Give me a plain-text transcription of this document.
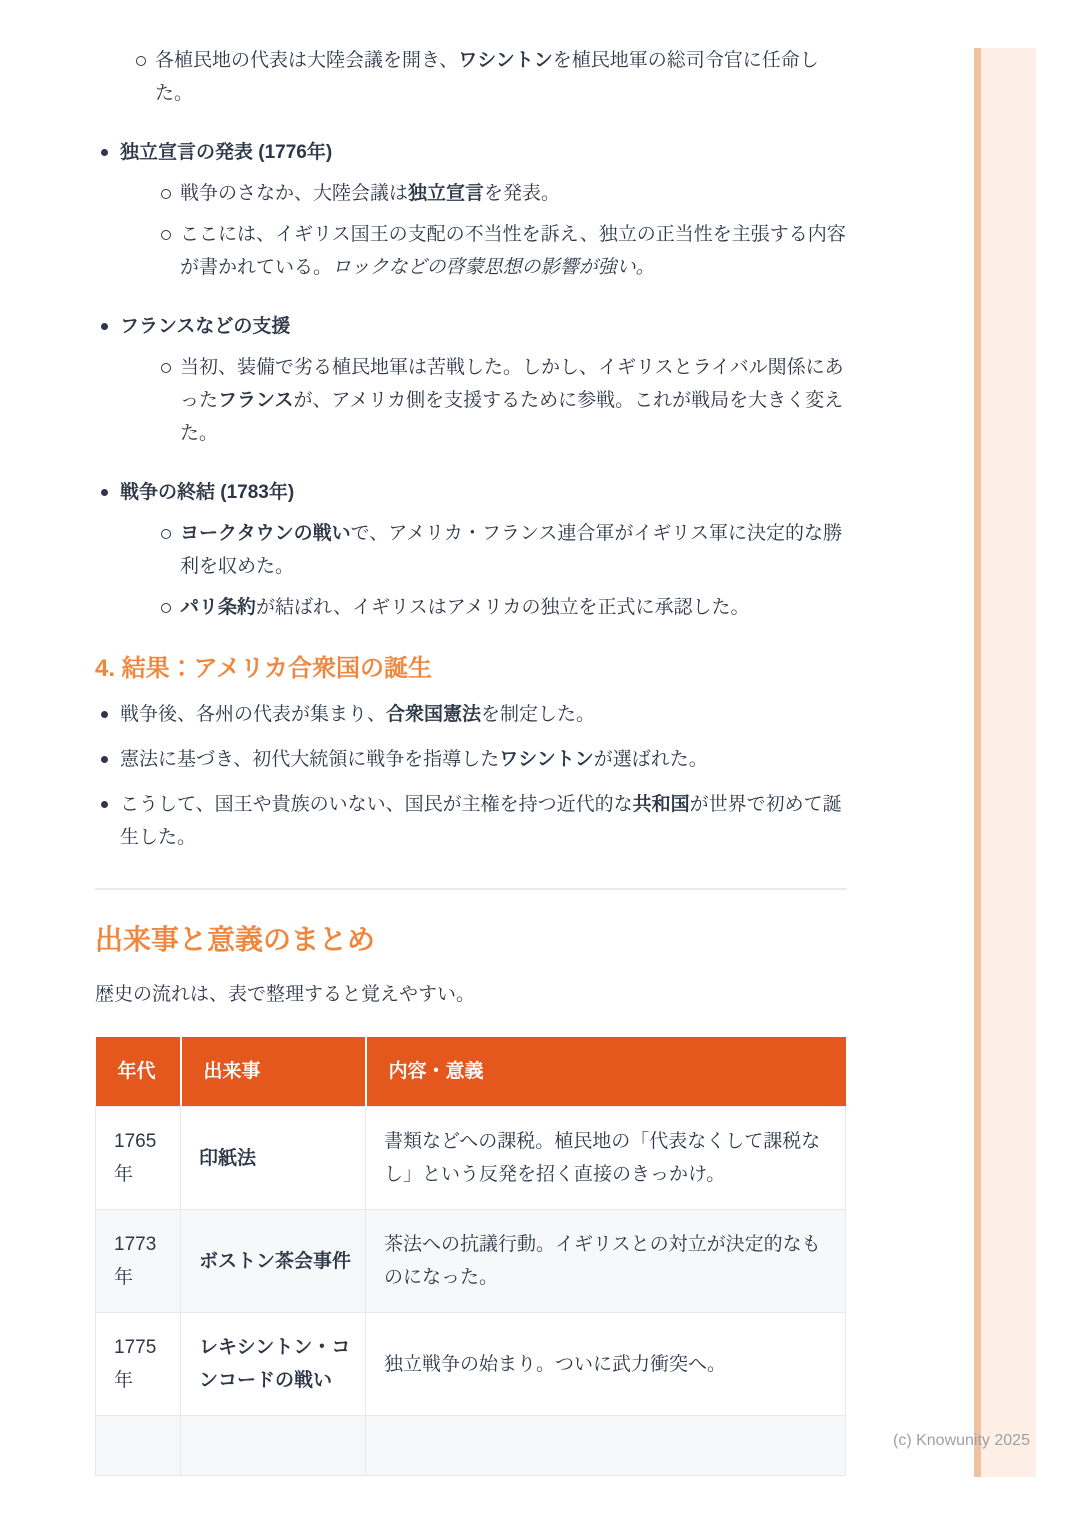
各植民地の代表は大陸会議を開き、ワシントンを植民地軍の総司令官に任命した。
独立宣言の発表 (1776年)
戦争のさなか、大陸会議は独立宣言を発表。
ここには、イギリス国王の支配の不当性を訴え、独立の正当性を主張する内容が書かれている。ロックなどの啓蒙思想の影響が強い。
フランスなどの支援
当初、装備で劣る植民地軍は苦戦した。しかし、イギリスとライバル関係にあったフランスが、アメリカ側を支援するために参戦。これが戦局を大きく変えた。
戦争の終結 (1783年)
ヨークタウンの戦いで、アメリカ・フランス連合軍がイギリス軍に決定的な勝利を収めた。
パリ条約が結ばれ、イギリスはアメリカの独立を正式に承認した。
4. 結果：アメリカ合衆国の誕生
戦争後、各州の代表が集まり、合衆国憲法を制定した。
憲法に基づき、初代大統領に戦争を指導したワシントンが選ばれた。
こうして、国王や貴族のいない、国民が主権を持つ近代的な共和国が世界で初めて誕生した。
出来事と意義のまとめ

歴史の流れは、表で整理すると覚えやすい。

年代	出来事	内容・意義
1765年	印紙法	書類などへの課税。植民地の「代表なくして課税なし」という反発を招く直接のきっかけ。
1773年	ボストン茶会事件	茶法への抗議行動。イギリスとの対立が決定的なものになった。
1775年	レキシントン・コンコードの戦い	独立戦争の始まり。ついに武力衝突へ。

(c) Knowunity 2025
